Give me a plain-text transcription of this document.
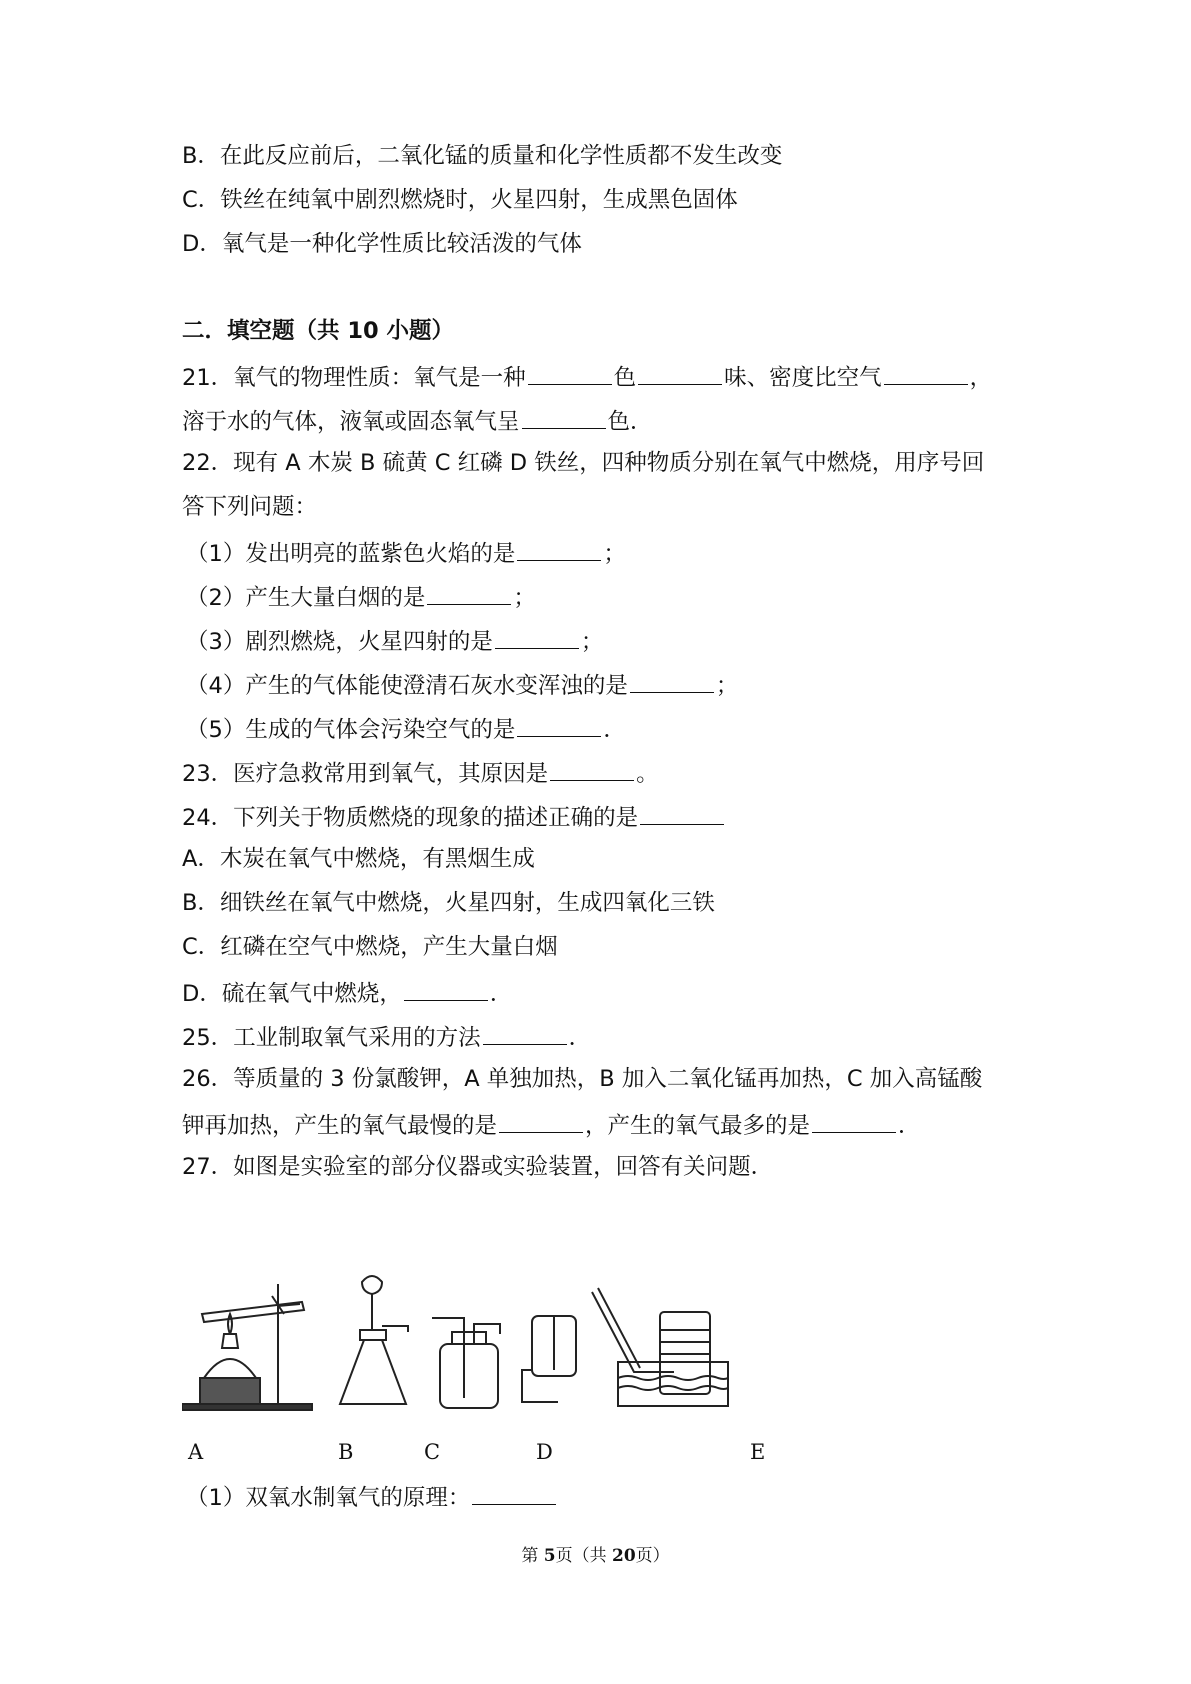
B．在此反应前后，二氧化锰的质量和化学性质都不发生改变
C．铁丝在纯氧中剧烈燃烧时，火星四射，生成黑色固体
D．氧气是一种化学性质比较活泼的气体
二．填空题（共 10 小题）
21．氧气的物理性质：氧气是一种	色	味、密度比空气	，
溶于水的气体，液氧或固态氧气呈	色．
22．现有 A 木炭 B 硫黄 C 红磷 D 铁丝，四种物质分别在氧气中燃烧，用序号回
答下列问题：
（1）发出明亮的蓝紫色火焰的是	；
（2）产生大量白烟的是	；
（3）剧烈燃烧，火星四射的是	；
（4）产生的气体能使澄清石灰水变浑浊的是	；
（5）生成的气体会污染空气的是	．
23．医疗急救常用到氧气，其原因是	。
24．下列关于物质燃烧的现象的描述正确的是
A．木炭在氧气中燃烧，有黑烟生成
B．细铁丝在氧气中燃烧，火星四射，生成四氧化三铁
C．红磷在空气中燃烧，产生大量白烟
D．硫在氧气中燃烧，	．
25．工业制取氧气采用的方法	．
26．等质量的 3 份氯酸钾，A 单独加热，B 加入二氧化锰再加热，C 加入高锰酸
钾再加热，产生的氧气最慢的是	，产生的氧气最多的是	．
27．如图是实验室的部分仪器或实验装置，回答有关问题．
A	B	C	D	E
（1）双氧水制氧气的原理：
第 5页（共 20页）
